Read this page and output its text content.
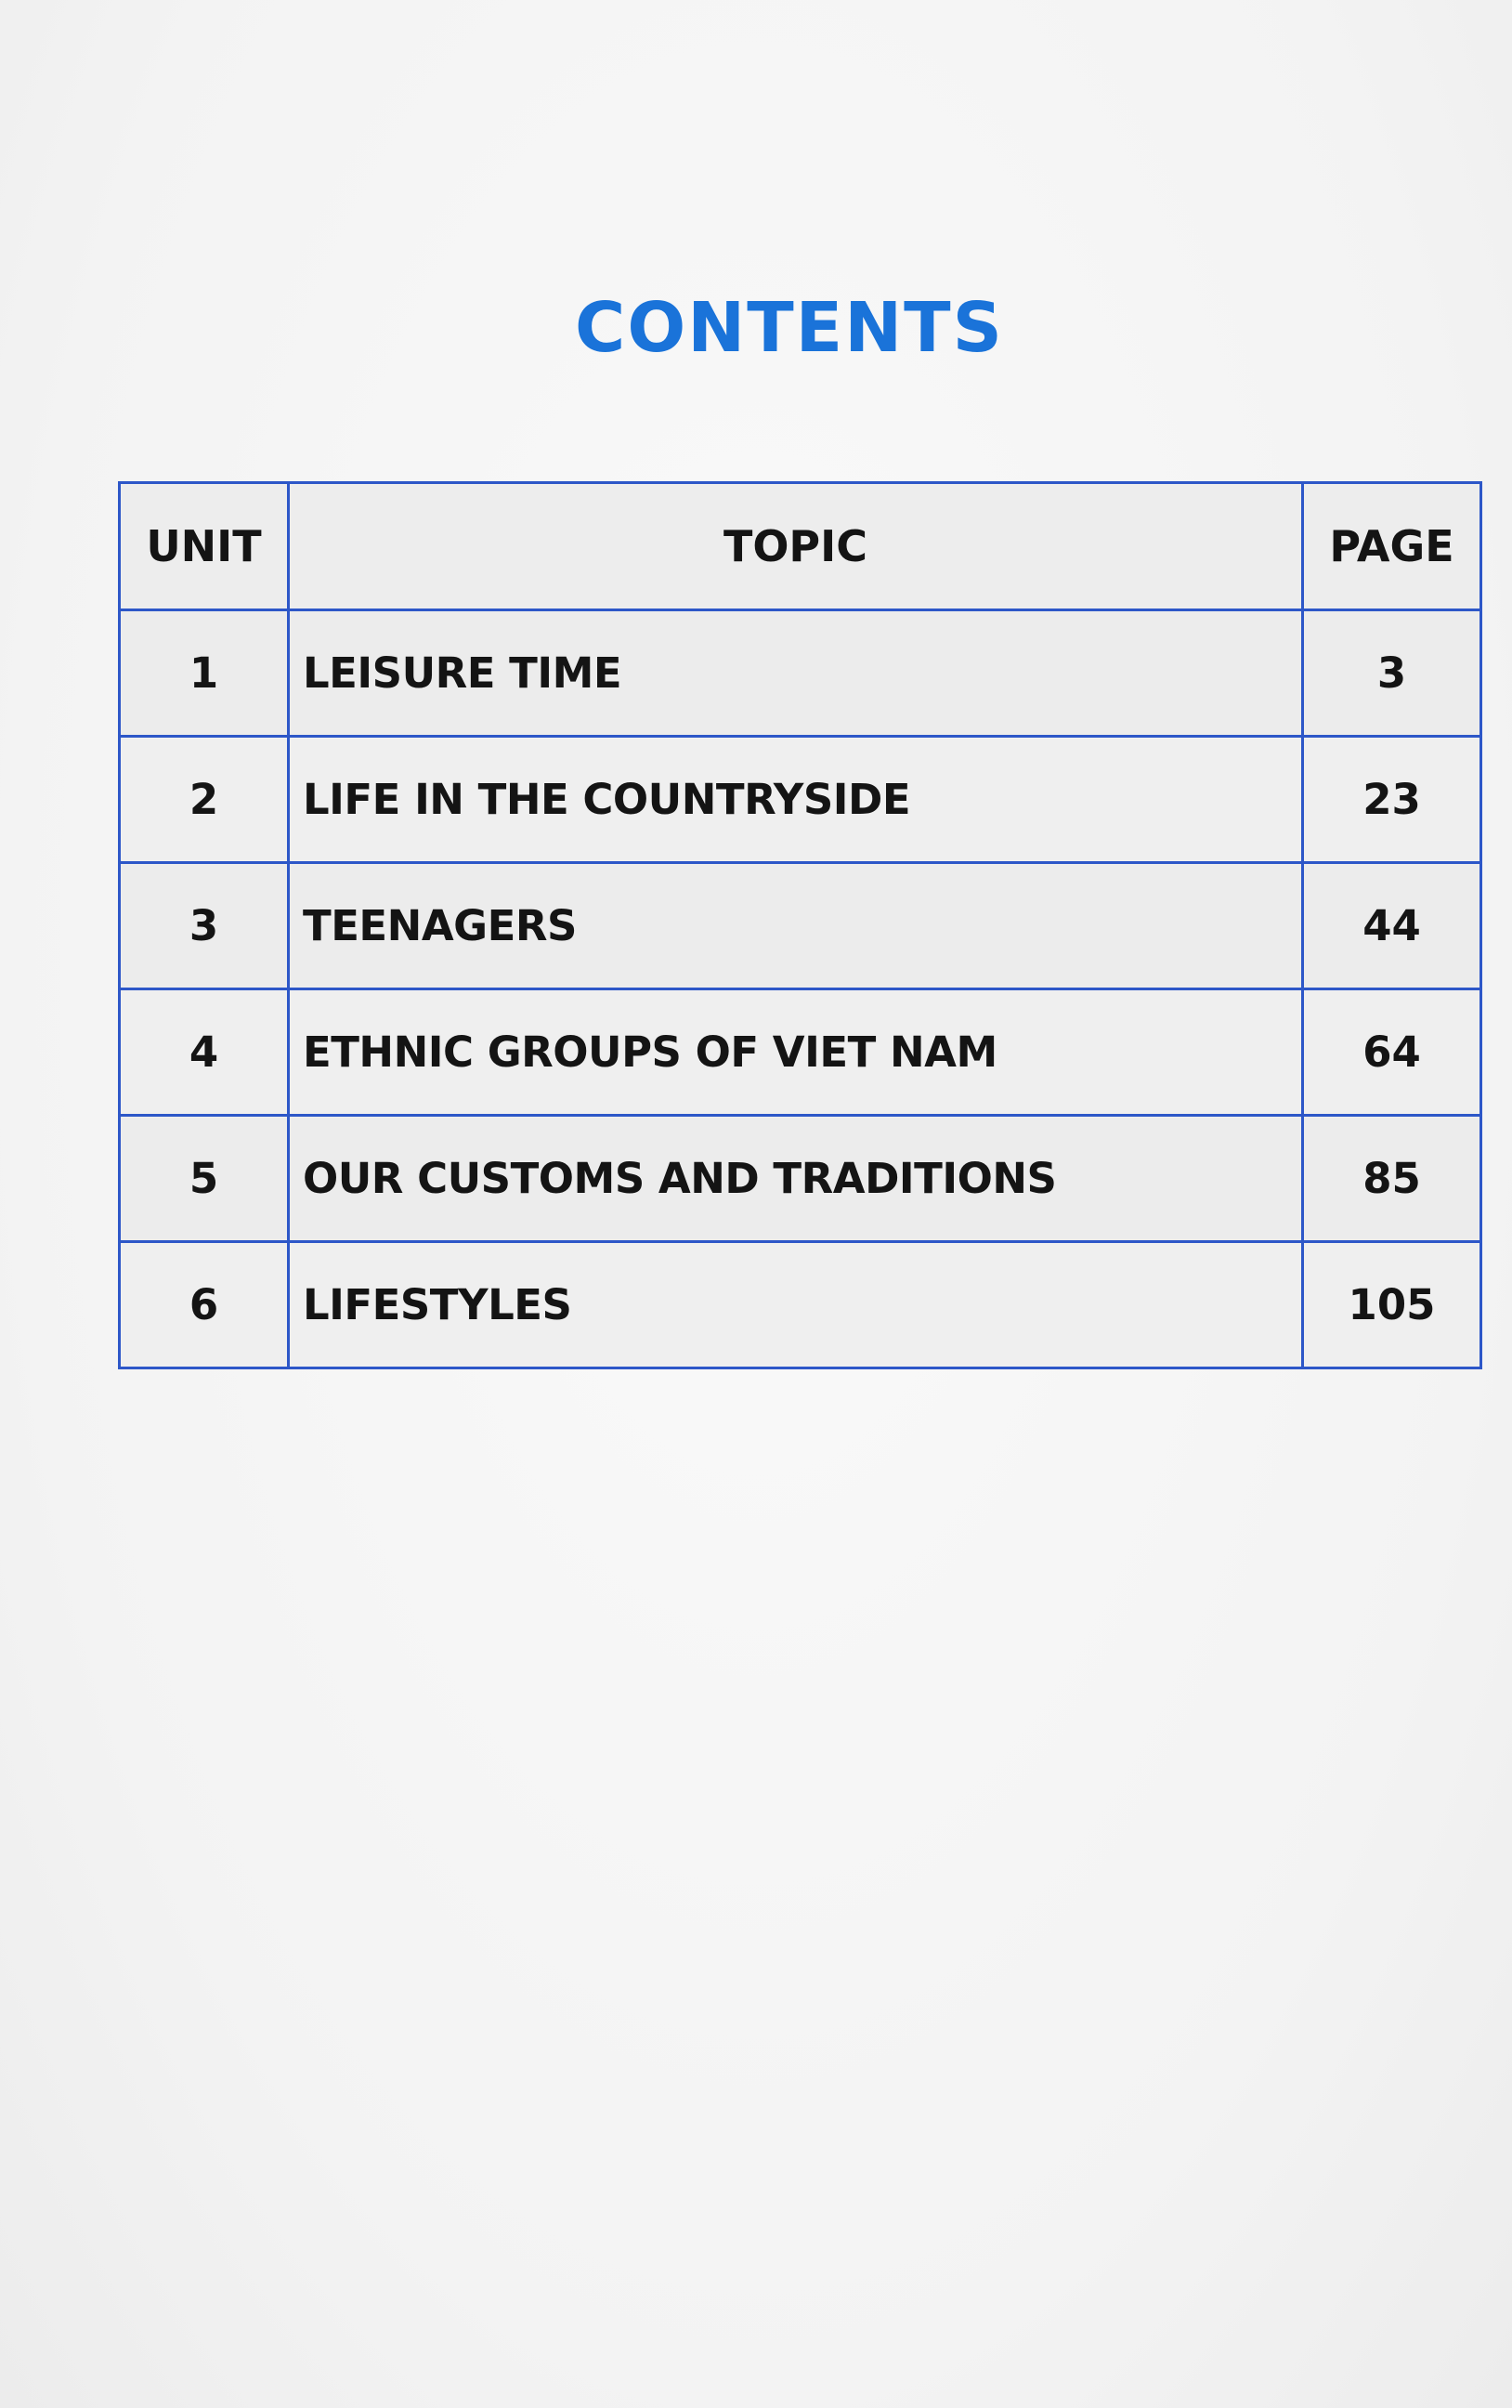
CONTENTS
UNIT	TOPIC	PAGE
1	LEISURE TIME	3
2	LIFE IN THE COUNTRYSIDE	23
3	TEENAGERS	44
4	ETHNIC GROUPS OF VIET NAM	64
5	OUR CUSTOMS AND TRADITIONS	85
6	LIFESTYLES	105
